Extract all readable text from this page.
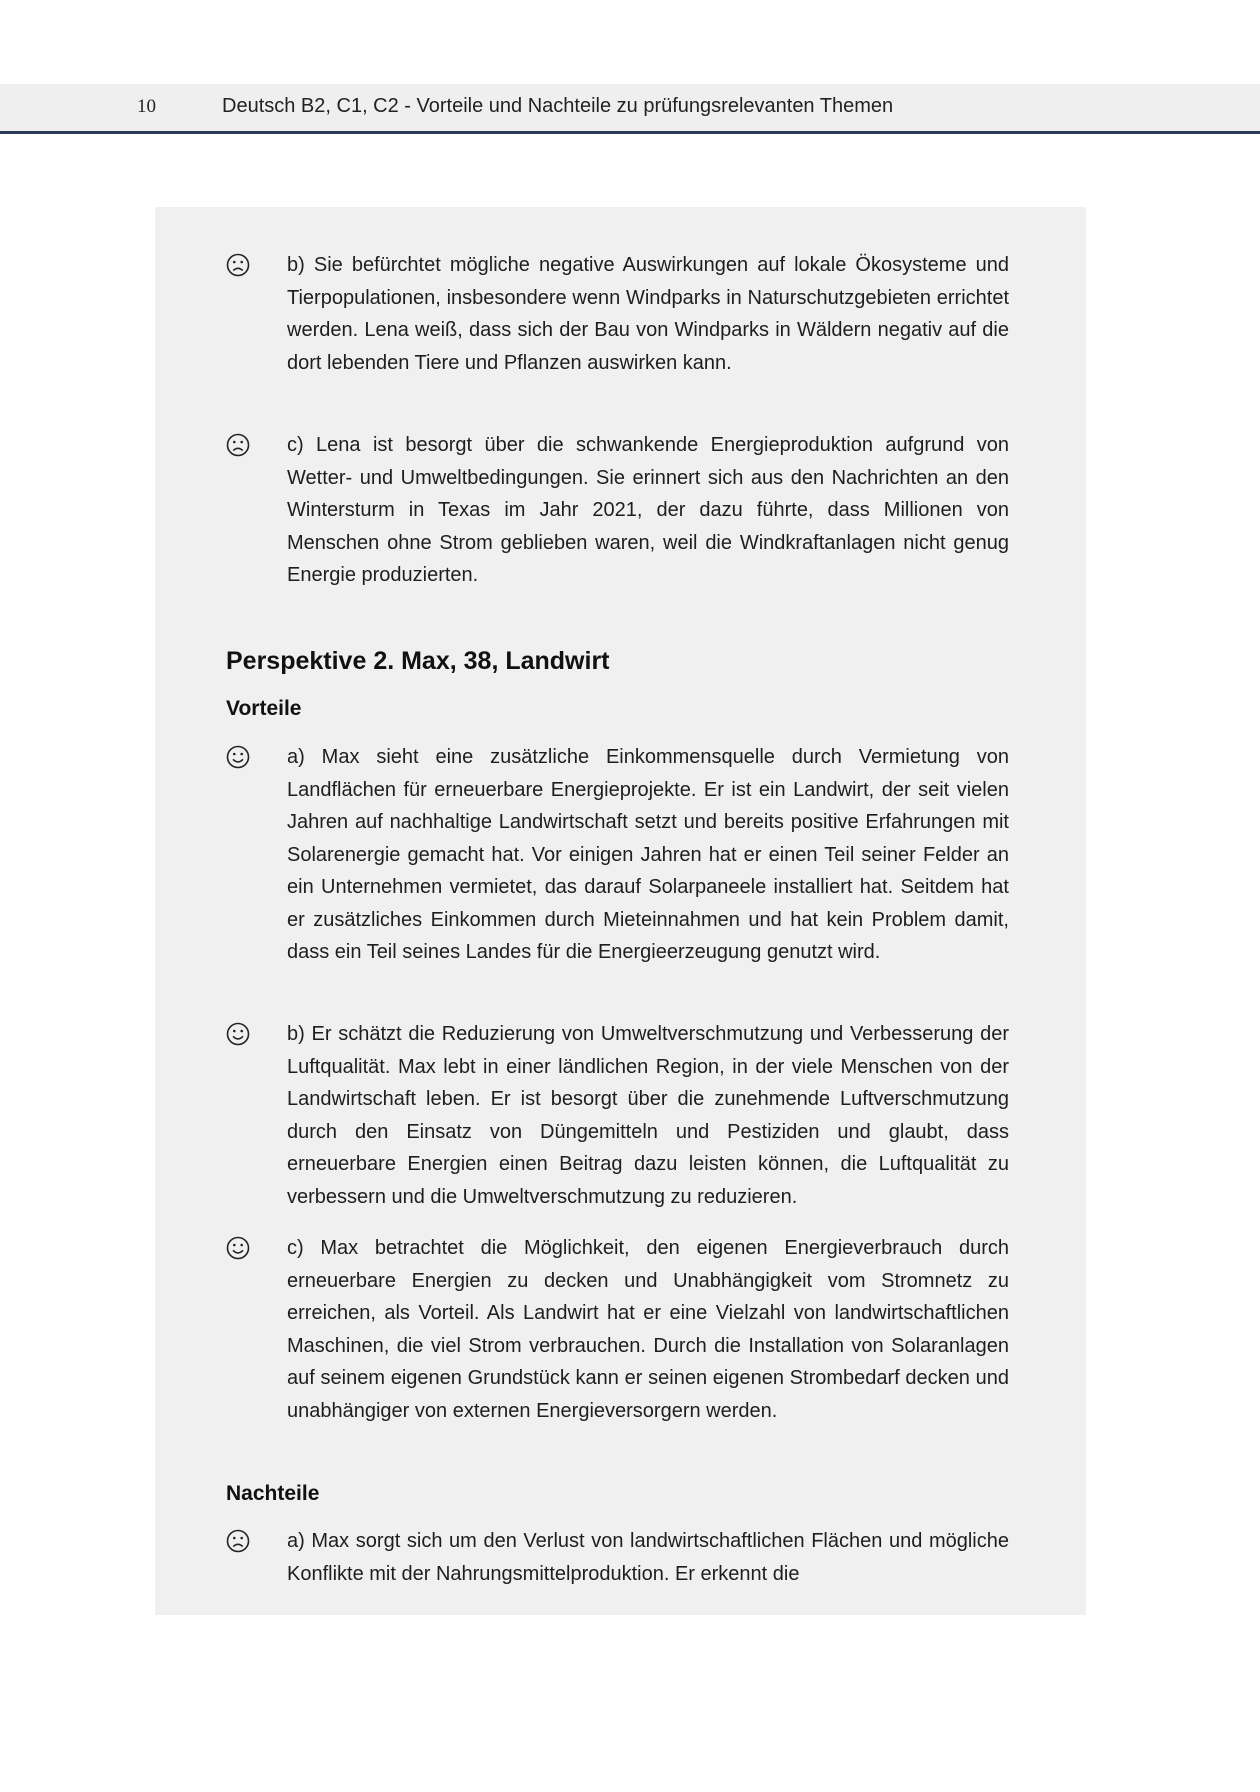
10	Deutsch B2, C1, C2 - Vorteile und Nachteile zu prüfungsrelevanten Themen

b) Sie befürchtet mögliche negative Auswirkungen auf lokale Ökosysteme und Tierpopulationen, insbesondere wenn Windparks in Naturschutzgebieten errichtet werden. Lena weiß, dass sich der Bau von Windparks in Wäldern negativ auf die dort lebenden Tiere und Pflanzen auswirken kann.

c) Lena ist besorgt über die schwankende Energieproduktion aufgrund von Wetter- und Umweltbedingungen. Sie erinnert sich aus den Nachrichten an den Wintersturm in Texas im Jahr 2021, der dazu führte, dass Millionen von Menschen ohne Strom geblieben waren, weil die Windkraftanlagen nicht genug Energie produzierten.

Perspektive 2. Max, 38, Landwirt
Vorteile

a) Max sieht eine zusätzliche Einkommensquelle durch Vermietung von Landflächen für erneuerbare Energieprojekte. Er ist ein Landwirt, der seit vielen Jahren auf nachhaltige Landwirtschaft setzt und bereits positive Erfahrungen mit Solarenergie gemacht hat. Vor einigen Jahren hat er einen Teil seiner Felder an ein Unternehmen vermietet, das darauf Solarpaneele installiert hat. Seitdem hat er zusätzliches Einkommen durch Mieteinnahmen und hat kein Problem damit, dass ein Teil seines Landes für die Energieerzeugung genutzt wird.

b) Er schätzt die Reduzierung von Umweltverschmutzung und Verbesserung der Luftqualität. Max lebt in einer ländlichen Region, in der viele Menschen von der Landwirtschaft leben. Er ist besorgt über die zunehmende Luftverschmutzung durch den Einsatz von Düngemitteln und Pestiziden und glaubt, dass erneuerbare Energien einen Beitrag dazu leisten können, die Luftqualität zu verbessern und die Umweltverschmutzung zu reduzieren.

c) Max betrachtet die Möglichkeit, den eigenen Energieverbrauch durch erneuerbare Energien zu decken und Unabhängigkeit vom Stromnetz zu erreichen, als Vorteil. Als Landwirt hat er eine Vielzahl von landwirtschaftlichen Maschinen, die viel Strom verbrauchen. Durch die Installation von Solaranlagen auf seinem eigenen Grundstück kann er seinen eigenen Strombedarf decken und unabhängiger von externen Energieversorgern werden.

Nachteile

a) Max sorgt sich um den Verlust von landwirtschaftlichen Flächen und mögliche Konflikte mit der Nahrungsmittelproduktion. Er erkennt die
